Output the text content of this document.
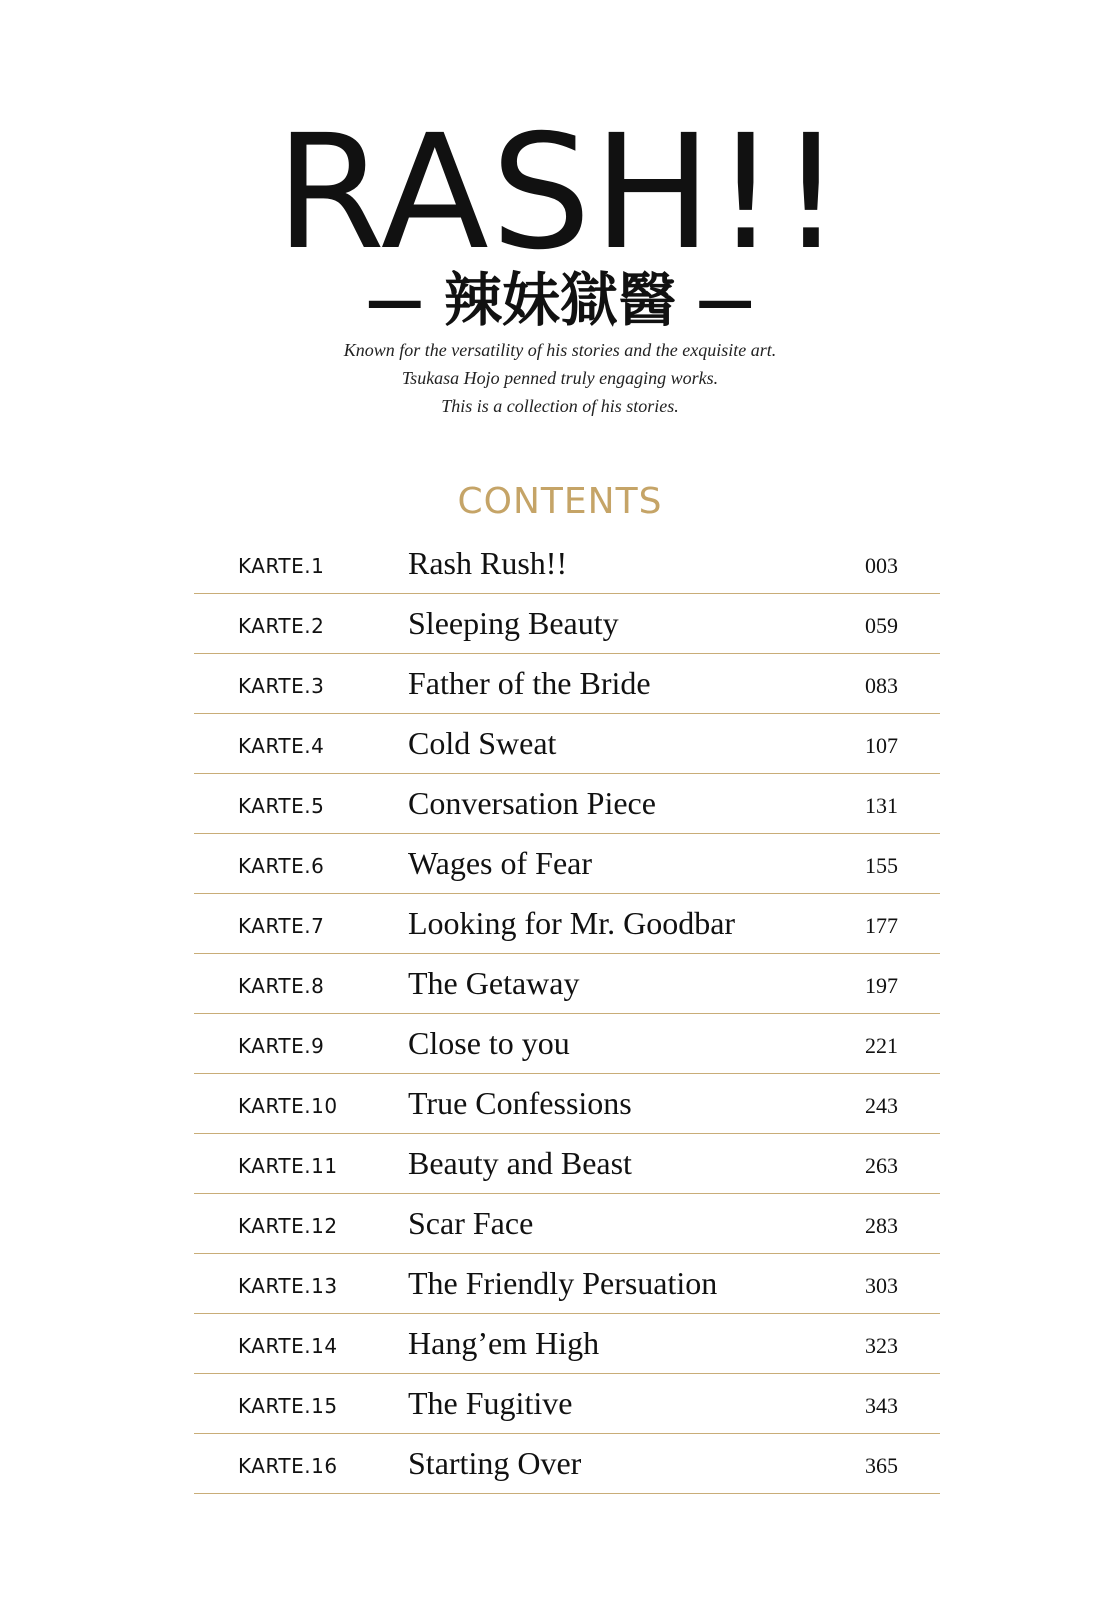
RASH!!
— 辣妹獄醫 —
Known for the versatility of his stories and the exquisite art.
Tsukasa Hojo penned truly engaging works.
This is a collection of his stories.
CONTENTS
KARTE.1	Rash Rush!!	003
KARTE.2	Sleeping Beauty	059
KARTE.3	Father of the Bride	083
KARTE.4	Cold Sweat	107
KARTE.5	Conversation Piece	131
KARTE.6	Wages of Fear	155
KARTE.7	Looking for Mr. Goodbar	177
KARTE.8	The Getaway	197
KARTE.9	Close to you	221
KARTE.10 True Confessions	243
KARTE.11 Beauty and Beast	263
KARTE.12 Scar Face	283
KARTE.13 The Friendly Persuation	303
KARTE.14 Hang’em High	323
KARTE.15 The Fugitive	343
KARTE.16 Starting Over	365
